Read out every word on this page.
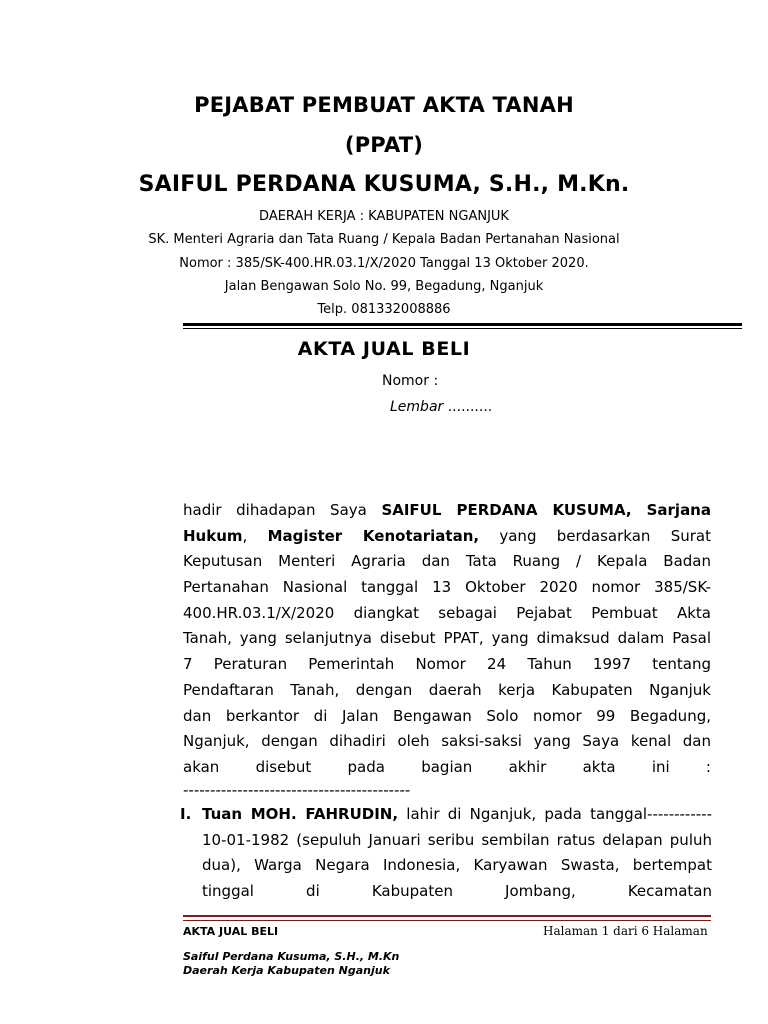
PEJABAT PEMBUAT AKTA TANAH
(PPAT)
SAIFUL PERDANA KUSUMA, S.H., M.Kn.
DAERAH KERJA : KABUPATEN NGANJUK
SK. Menteri Agraria dan Tata Ruang / Kepala Badan Pertanahan Nasional
Nomor : 385/SK-400.HR.03.1/X/2020 Tanggal 13 Oktober 2020.
Jalan Bengawan Solo No. 99, Begadung, Nganjuk
Telp. 081332008886
AKTA JUAL BELI
Nomor :
Lembar ..........
hadir dihadapan Saya SAIFUL PERDANA KUSUMA, Sarjana
Hukum, Magister Kenotariatan, yang berdasarkan Surat
Keputusan Menteri Agraria dan Tata Ruang / Kepala Badan
Pertanahan Nasional tanggal 13 Oktober 2020 nomor 385/SK-
400.HR.03.1/X/2020 diangkat sebagai Pejabat Pembuat Akta
Tanah, yang selanjutnya disebut PPAT, yang dimaksud dalam Pasal
7 Peraturan Pemerintah Nomor 24 Tahun 1997 tentang
Pendaftaran Tanah, dengan daerah kerja Kabupaten Nganjuk
dan berkantor di Jalan Bengawan Solo nomor 99 Begadung,
Nganjuk, dengan dihadiri oleh saksi-saksi yang Saya kenal dan
akan disebut pada bagian akhir akta ini :
------------------------------------------
I. Tuan MOH. FAHRUDIN, lahir di Nganjuk, pada tanggal------------
10-01-1982 (sepuluh Januari seribu sembilan ratus delapan puluh
dua), Warga Negara Indonesia, Karyawan Swasta, bertempat
tinggal di Kabupaten Jombang, Kecamatan
AKTA JUAL BELI	Halaman 1 dari 6 Halaman
Saiful Perdana Kusuma, S.H., M.Kn
Daerah Kerja Kabupaten Nganjuk
